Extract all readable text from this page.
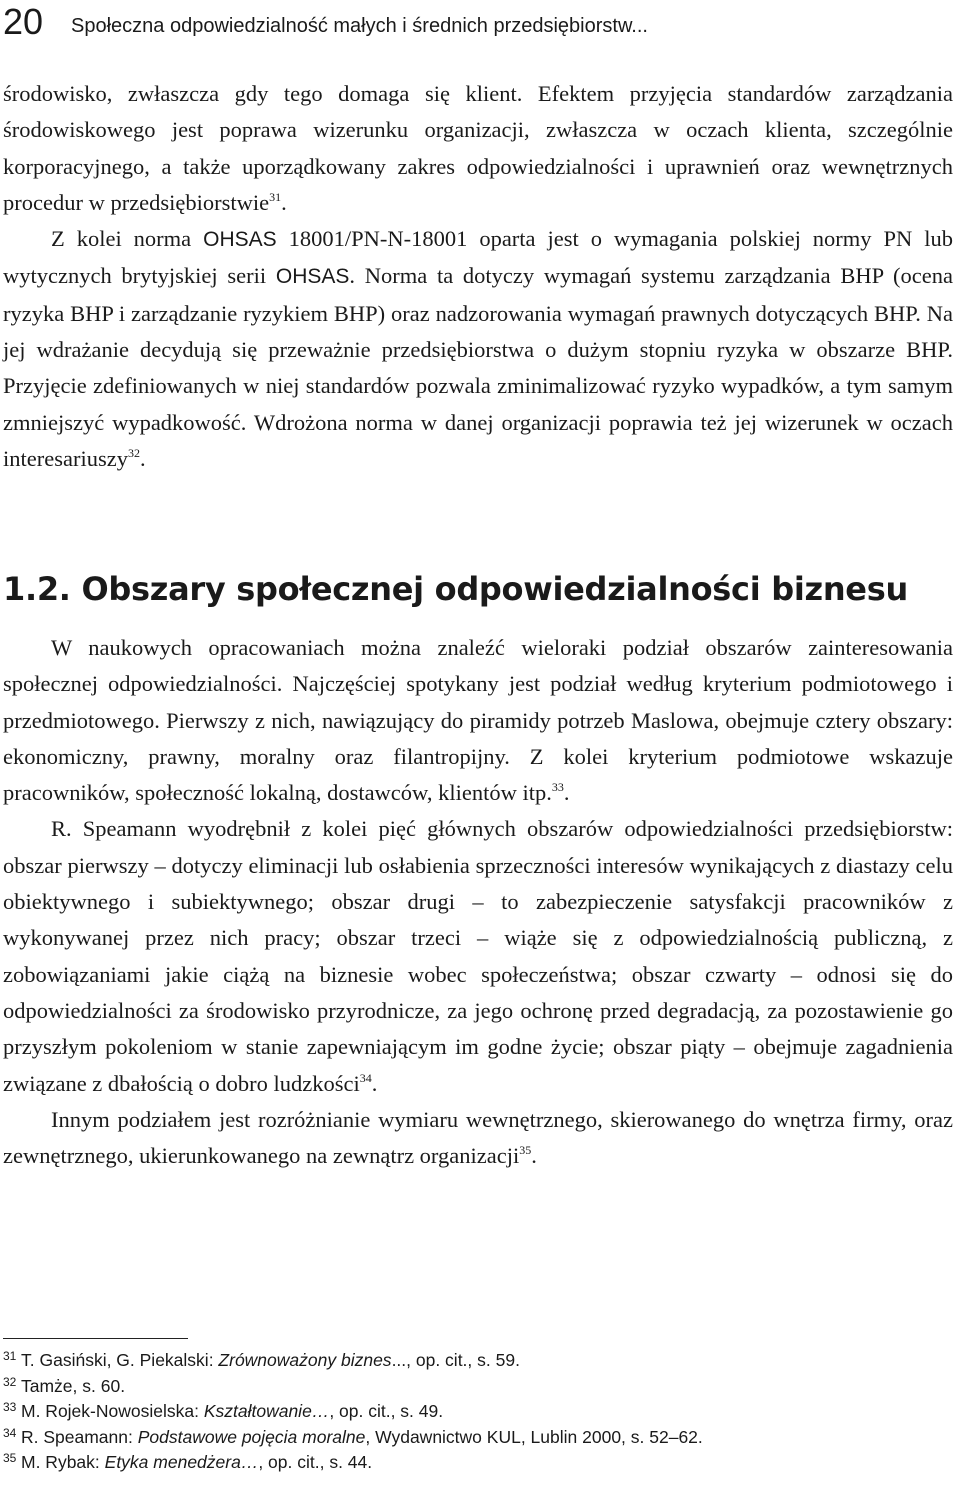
20 Społeczna odpowiedzialność małych i średnich przedsiębiorstw...

środowisko, zwłaszcza gdy tego domaga się klient. Efektem przyjęcia standardów zarządzania środowiskowego jest poprawa wizerunku organizacji, zwłaszcza w oczach klienta, szczególnie korporacyjnego, a także uporządkowany zakres odpowiedzialności i uprawnień oraz wewnętrznych procedur w przedsiębiorstwie$^{31}$.

Z kolei norma OHSAS 18001/PN-N-18001 oparta jest o wymagania polskiej normy PN lub wytycznych brytyjskiej serii OHSAS. Norma ta dotyczy wymagań systemu zarządzania BHP (ocena ryzyka BHP i zarządzanie ryzykiem BHP) oraz nadzorowania wymagań prawnych dotyczących BHP. Na jej wdrażanie decydują się przeważnie przedsiębiorstwa o dużym stopniu ryzyka w obszarze BHP. Przyjęcie zdefiniowanych w niej standardów pozwala zminimalizować ryzyko wypadków, a tym samym zmniejszyć wypadkowość. Wdrożona norma w danej organizacji poprawia też jej wizerunek w oczach interesariuszy$^{32}$.

1.2. Obszary społecznej odpowiedzialności biznesu

W naukowych opracowaniach można znaleźć wieloraki podział obszarów zainteresowania społecznej odpowiedzialności. Najczęściej spotykany jest podział według kryterium podmiotowego i przedmiotowego. Pierwszy z nich, nawiązujący do piramidy potrzeb Maslowa, obejmuje cztery obszary: ekonomiczny, prawny, moralny oraz filantropijny. Z kolei kryterium podmiotowe wskazuje pracowników, społeczność lokalną, dostawców, klientów itp.$^{33}$.

R. Speamann wyodrębnił z kolei pięć głównych obszarów odpowiedzialności przedsiębiorstw: obszar pierwszy – dotyczy eliminacji lub osłabienia sprzeczności interesów wynikających z diastazy celu obiektywnego i subiektywnego; obszar drugi – to zabezpieczenie satysfakcji pracowników z wykonywanej przez nich pracy; obszar trzeci – wiąże się z odpowiedzialnością publiczną, z zobowiązaniami jakie ciążą na biznesie wobec społeczeństwa; obszar czwarty – odnosi się do odpowiedzialności za środowisko przyrodnicze, za jego ochronę przed degradacją, za pozostawienie go przyszłym pokoleniom w stanie zapewniającym im godne życie; obszar piąty – obejmuje zagadnienia związane z dbałością o dobro ludzkości$^{34}$.

Innym podziałem jest rozróżnianie wymiaru wewnętrznego, skierowanego do wnętrza firmy, oraz zewnętrznego, ukierunkowanego na zewnątrz organizacji$^{35}$.

31 T. Gasiński, G. Piekalski: Zrównoważony biznes..., op. cit., s. 59.

32 Tamże, s. 60.

33 M. Rojek-Nowosielska: Kształtowanie…, op. cit., s. 49.

34 R. Speamann: Podstawowe pojęcia moralne, Wydawnictwo KUL, Lublin 2000, s. 52–62.

35 M. Rybak: Etyka menedżera…, op. cit., s. 44.
